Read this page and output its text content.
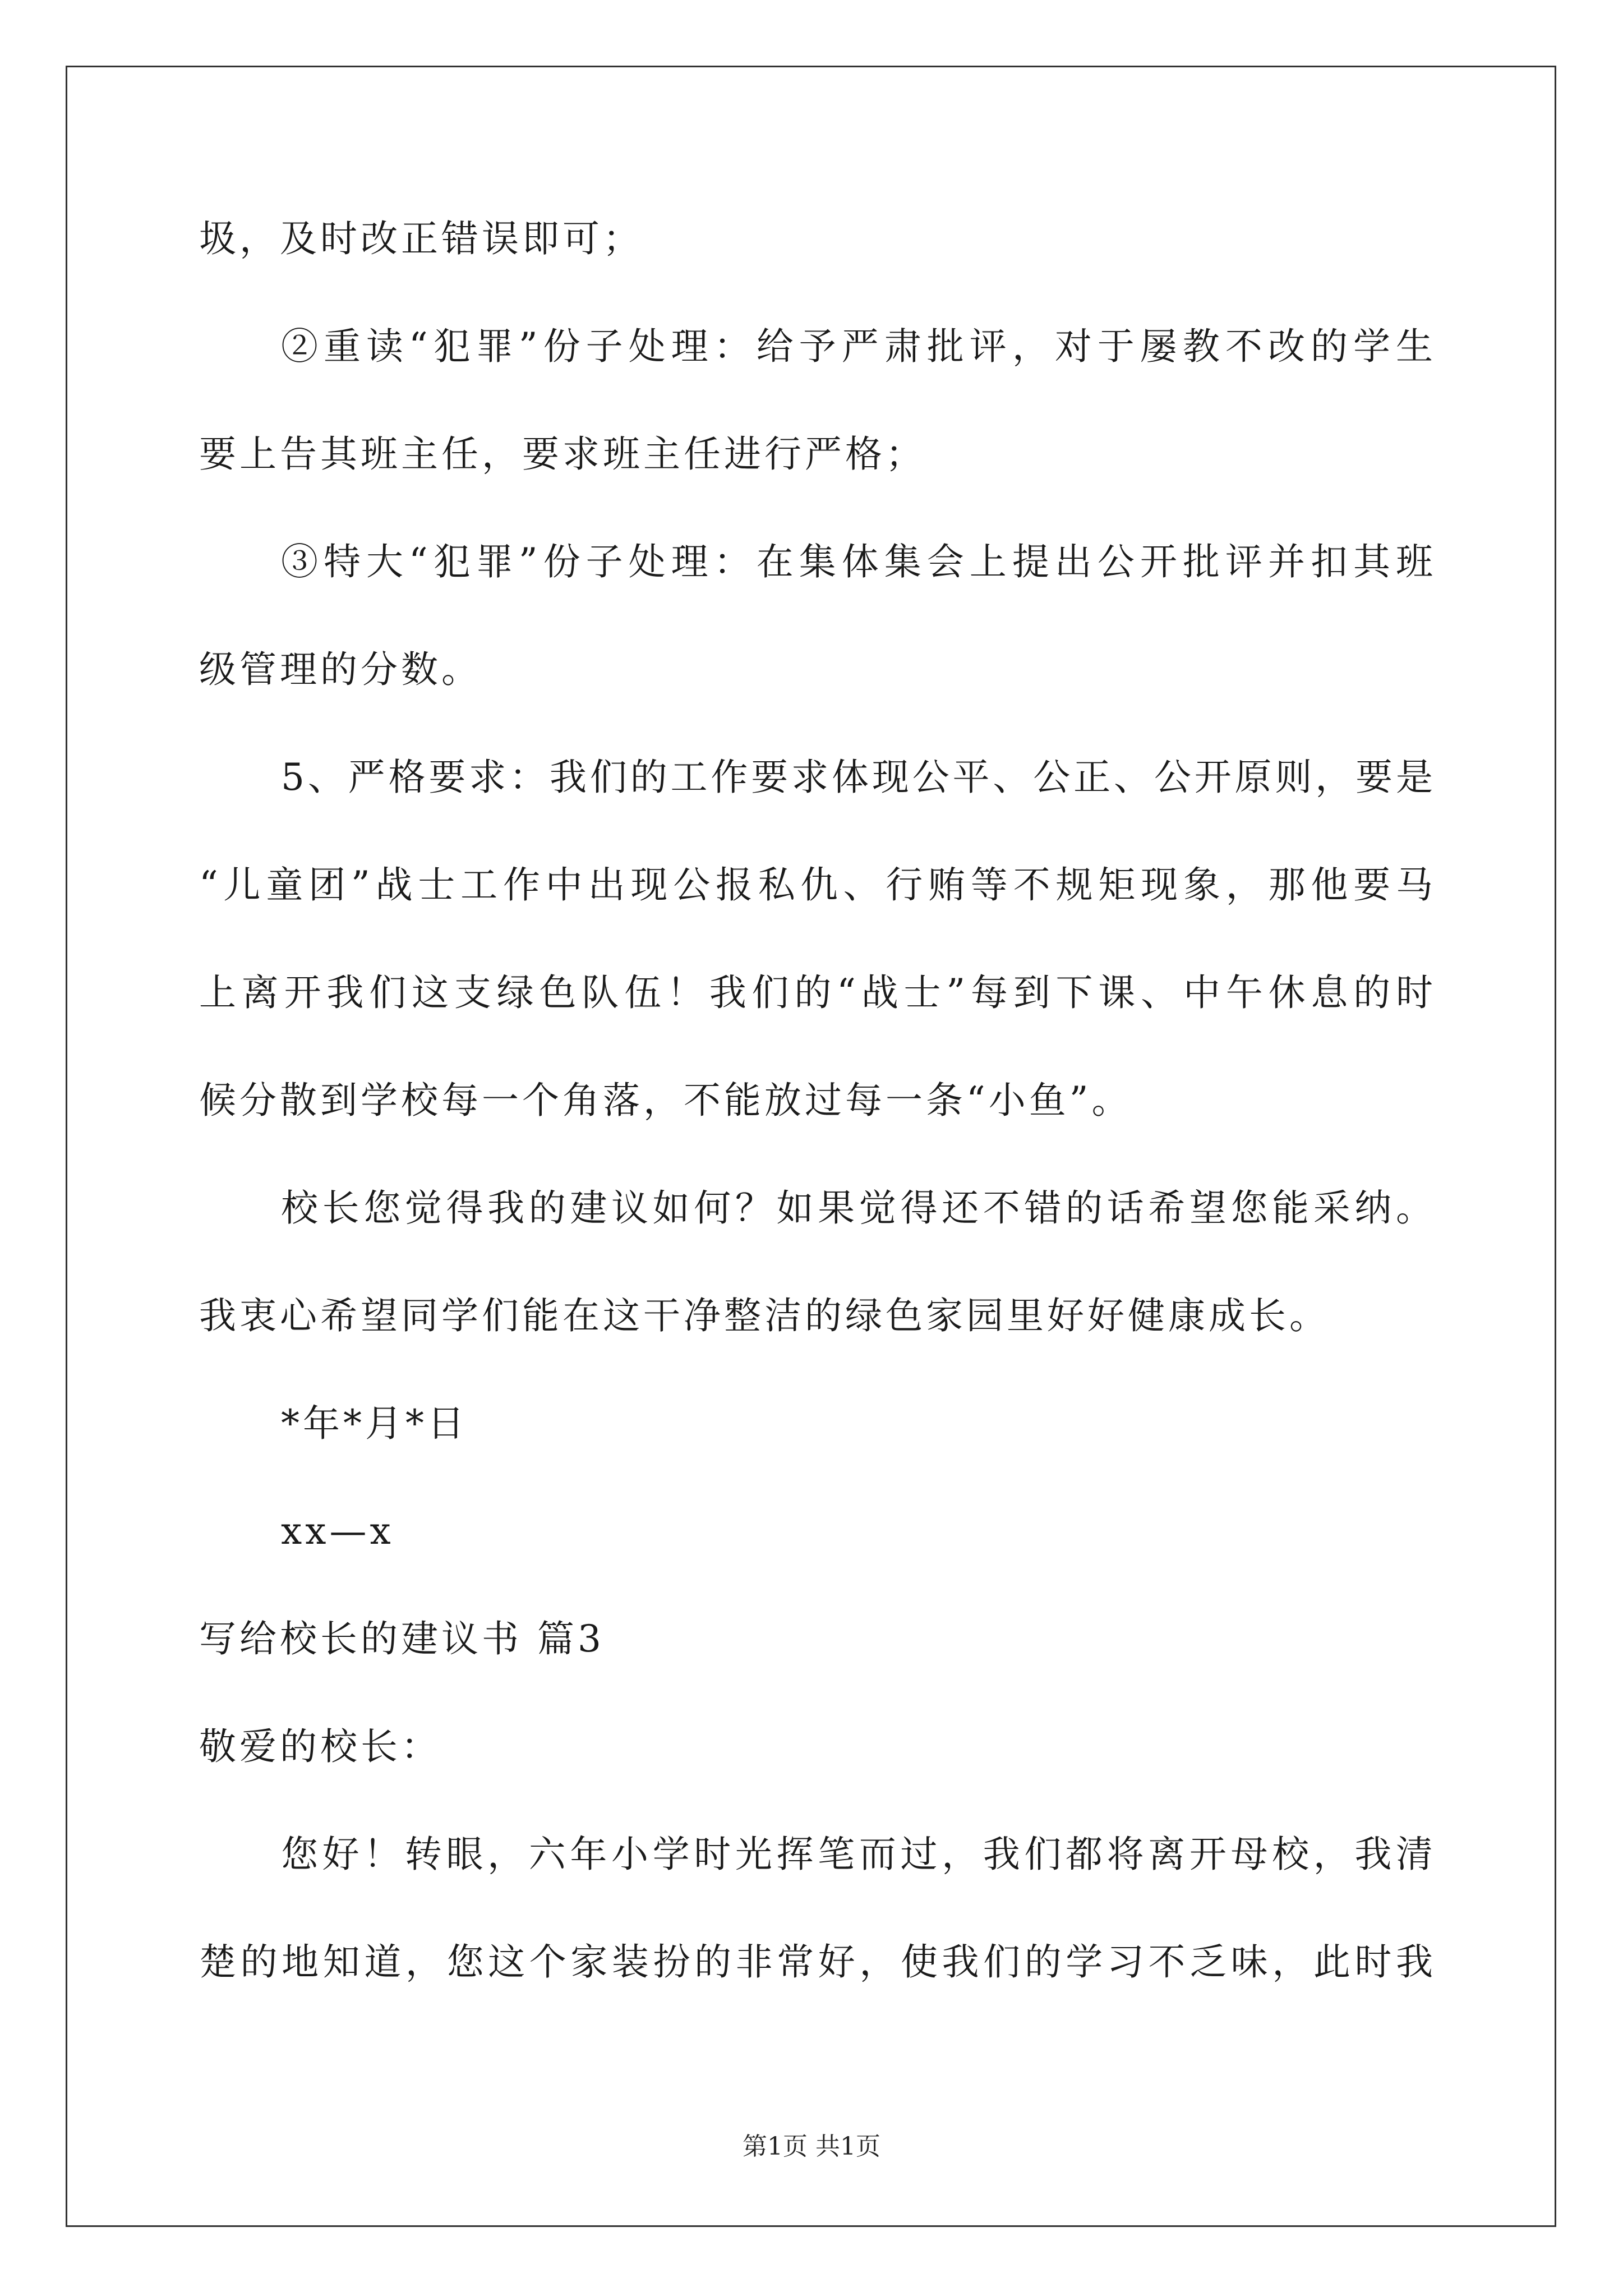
圾，及时改正错误即可；
②重读“犯罪”份子处理：给予严肃批评，对于屡教不改的学生
要上告其班主任，要求班主任进行严格；
③特大“犯罪”份子处理：在集体集会上提出公开批评并扣其班
级管理的分数。
5、严格要求：我们的工作要求体现公平、公正、公开原则，要是
“儿童团”战士工作中出现公报私仇、行贿等不规矩现象，那他要马
上离开我们这支绿色队伍！我们的“战士”每到下课、中午休息的时
候分散到学校每一个角落，不能放过每一条“小鱼”。
校长您觉得我的建议如何？如果觉得还不错的话希望您能采纳。
我衷心希望同学们能在这干净整洁的绿色家园里好好健康成长。
*年*月*日
xx—x
写给校长的建议书 篇3
敬爱的校长：
您好！转眼，六年小学时光挥笔而过，我们都将离开母校，我清
楚的地知道，您这个家装扮的非常好，使我们的学习不乏味，此时我
第1页 共1页
